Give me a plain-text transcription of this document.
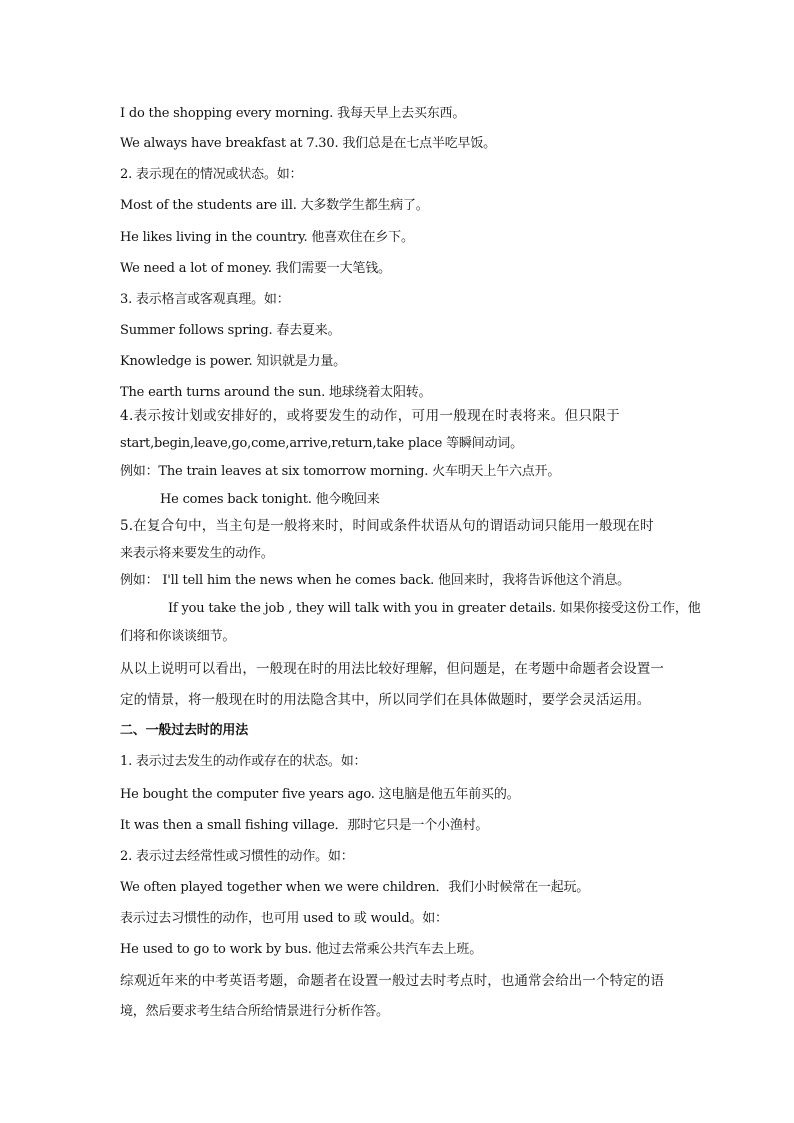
I do the shopping every morning. 我每天早上去买东西。
We always have breakfast at 7.30. 我们总是在七点半吃早饭。
2. 表示现在的情况或状态。如：
Most of the students are ill. 大多数学生都生病了。
He likes living in the country. 他喜欢住在乡下。
We need a lot of money. 我们需要一大笔钱。
3. 表示格言或客观真理。如：
Summer follows spring. 春去夏来。
Knowledge is power. 知识就是力量。
The earth turns around the sun. 地球绕着太阳转。
4.表示按计划或安排好的，或将要发生的动作，可用一般现在时表将来。但只限于
start,begin,leave,go,come,arrive,return,take place 等瞬间动词。
例如：The train leaves at six tomorrow morning. 火车明天上午六点开。
He comes back tonight. 他今晚回来
5.在复合句中，当主句是一般将来时，时间或条件状语从句的谓语动词只能用一般现在时
来表示将来要发生的动作。
例如： I'll tell him the news when he comes back. 他回来时，我将告诉他这个消息。
If you take the job , they will talk with you in greater details. 如果你接受这份工作，他
们将和你谈谈细节。
从以上说明可以看出，一般现在时的用法比较好理解，但问题是，在考题中命题者会设置一
定的情景，将一般现在时的用法隐含其中，所以同学们在具体做题时，要学会灵活运用。
二、一般过去时的用法
1. 表示过去发生的动作或存在的状态。如：
He bought the computer five years ago. 这电脑是他五年前买的。
It was then a small fishing village．那时它只是一个小渔村。
2. 表示过去经常性或习惯性的动作。如：
We often played together when we were children．我们小时候常在一起玩。
表示过去习惯性的动作，也可用 used to 或 would。如：
He used to go to work by bus. 他过去常乘公共汽车去上班。
综观近年来的中考英语考题，命题者在设置一般过去时考点时，也通常会给出一个特定的语
境，然后要求考生结合所给情景进行分析作答。
